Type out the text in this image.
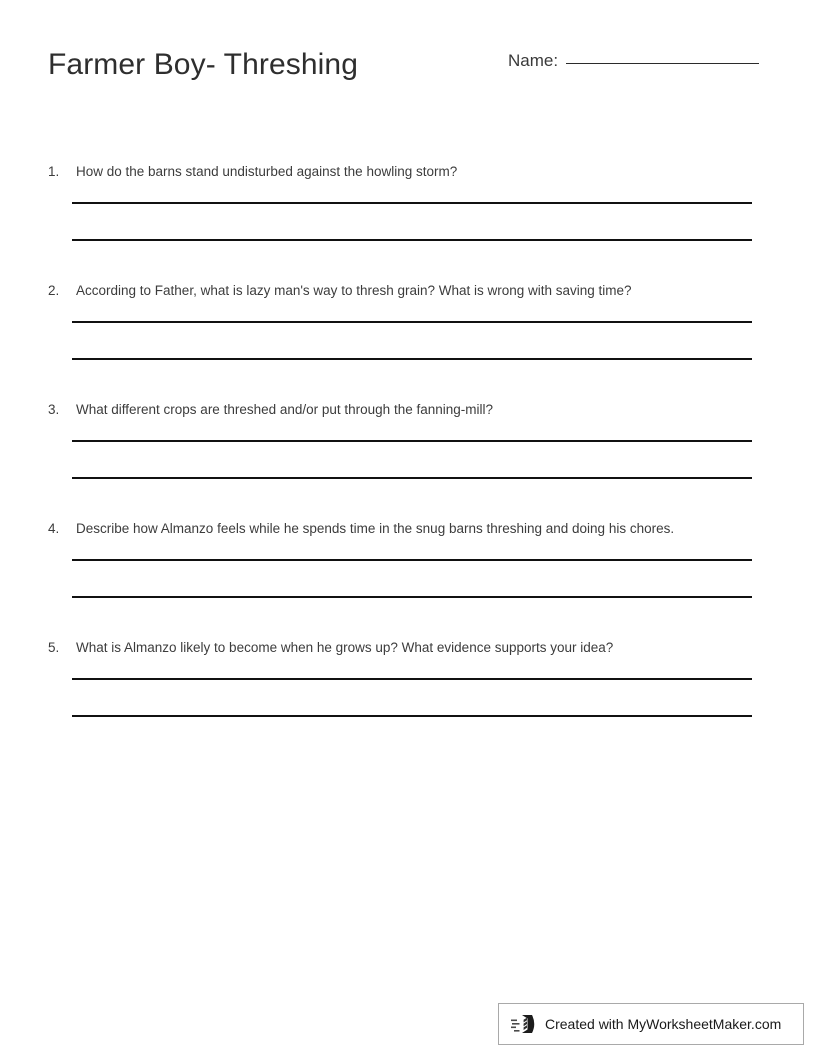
Farmer Boy- Threshing	Name:
1.	How do the barns stand undisturbed against the howling storm?
2.	According to Father, what is lazy man's way to thresh grain? What is wrong with saving time?
3.	What different crops are threshed and/or put through the fanning-mill?
4.	Describe how Almanzo feels while he spends time in the snug barns threshing and doing his chores.
5.	What is Almanzo likely to become when he grows up? What evidence supports your idea?
Created with MyWorksheetMaker.com
